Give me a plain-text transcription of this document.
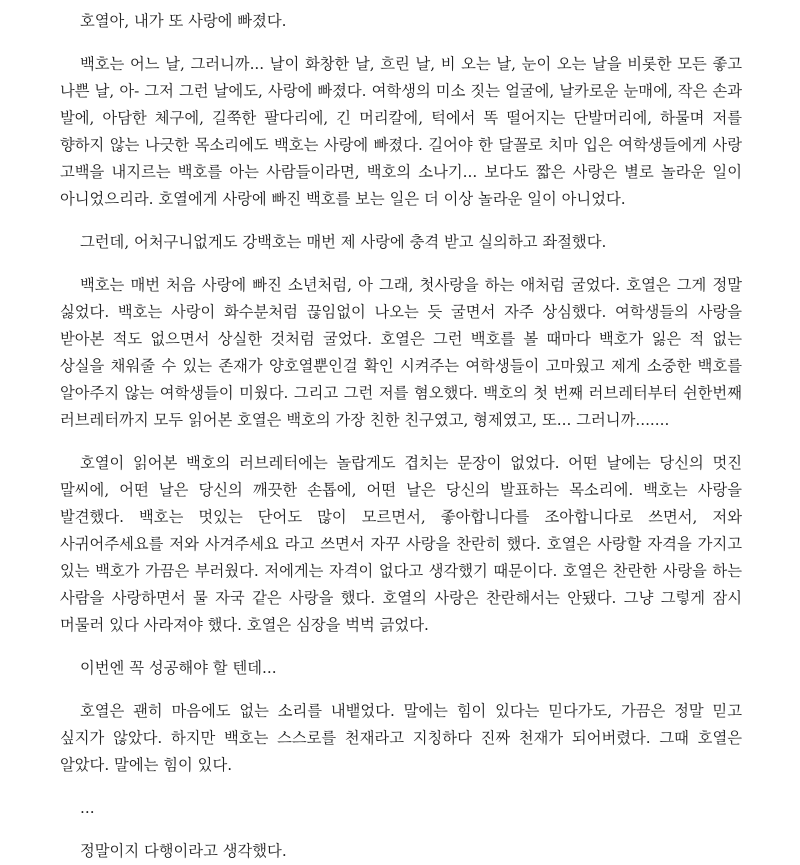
호열아, 내가 또 사랑에 빠졌다.

백호는 어느 날, 그러니까... 날이 화창한 날, 흐린 날, 비 오는 날, 눈이 오는 날을 비롯한 모든 좋고 나쁜 날, 아- 그저 그런 날에도, 사랑에 빠졌다. 여학생의 미소 짓는 얼굴에, 날카로운 눈매에, 작은 손과 발에, 아담한 체구에, 길쭉한 팔다리에, 긴 머리칼에, 턱에서 똑 떨어지는 단발머리에, 하물며 저를 향하지 않는 나긋한 목소리에도 백호는 사랑에 빠졌다. 길어야 한 달꼴로 치마 입은 여학생들에게 사랑 고백을 내지르는 백호를 아는 사람들이라면, 백호의 소나기... 보다도 짧은 사랑은 별로 놀라운 일이 아니었으리라. 호열에게 사랑에 빠진 백호를 보는 일은 더 이상 놀라운 일이 아니었다.

그런데, 어처구니없게도 강백호는 매번 제 사랑에 충격 받고 실의하고 좌절했다.

백호는 매번 처음 사랑에 빠진 소년처럼, 아 그래, 첫사랑을 하는 애처럼 굴었다. 호열은 그게 정말 싫었다. 백호는 사랑이 화수분처럼 끊임없이 나오는 듯 굴면서 자주 상심했다. 여학생들의 사랑을 받아본 적도 없으면서 상실한 것처럼 굴었다. 호열은 그런 백호를 볼 때마다 백호가 잃은 적 없는 상실을 채워줄 수 있는 존재가 양호열뿐인걸 확인 시켜주는 여학생들이 고마웠고 제게 소중한 백호를 알아주지 않는 여학생들이 미웠다. 그리고 그런 저를 혐오했다. 백호의 첫 번째 러브레터부터 쉰한번째 러브레터까지 모두 읽어본 호열은 백호의 가장 친한 친구였고, 형제였고, 또... 그러니까.......

호열이 읽어본 백호의 러브레터에는 놀랍게도 겹치는 문장이 없었다. 어떤 날에는 당신의 멋진 말씨에, 어떤 날은 당신의 깨끗한 손톱에, 어떤 날은 당신의 발표하는 목소리에. 백호는 사랑을 발견했다. 백호는 멋있는 단어도 많이 모르면서, 좋아합니다를 조아합니다로 쓰면서, 저와 사귀어주세요를 저와 사겨주세요 라고 쓰면서 자꾸 사랑을 찬란히 했다. 호열은 사랑할 자격을 가지고 있는 백호가 가끔은 부러웠다. 저에게는 자격이 없다고 생각했기 때문이다. 호열은 찬란한 사랑을 하는 사람을 사랑하면서 물 자국 같은 사랑을 했다. 호열의 사랑은 찬란해서는 안됐다. 그냥 그렇게 잠시 머물러 있다 사라져야 했다. 호열은 심장을 벅벅 긁었다.

이번엔 꼭 성공해야 할 텐데...

호열은 괜히 마음에도 없는 소리를 내뱉었다. 말에는 힘이 있다는 믿다가도, 가끔은 정말 믿고 싶지가 않았다. 하지만 백호는 스스로를 천재라고 지칭하다 진짜 천재가 되어버렸다. 그때 호열은 알았다. 말에는 힘이 있다.

...

정말이지 다행이라고 생각했다.
